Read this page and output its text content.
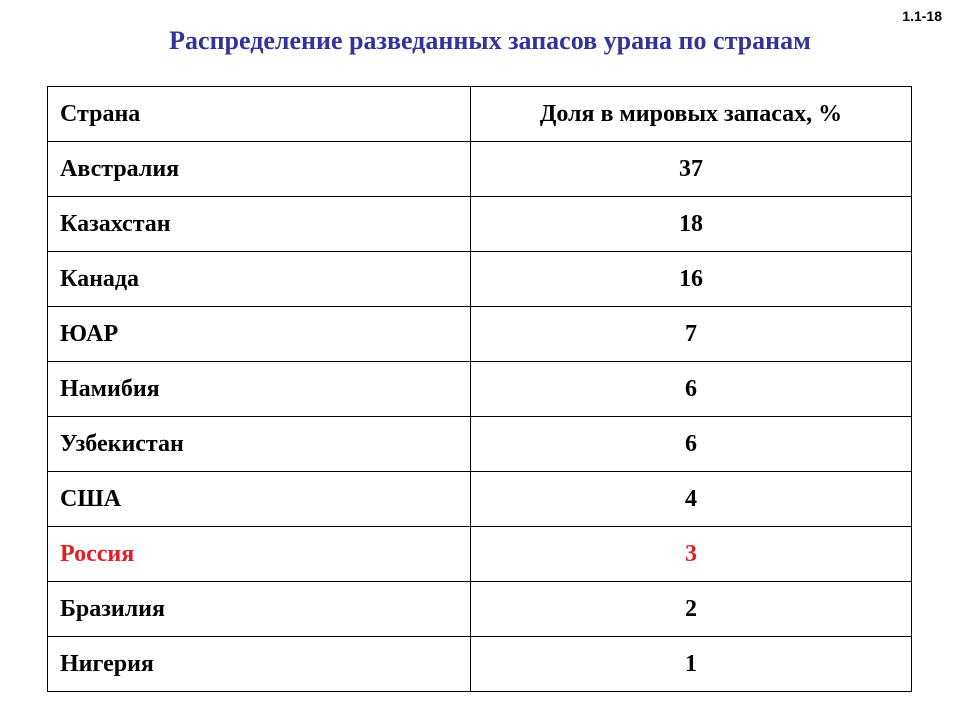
1.1-18
Распределение разведанных запасов урана по странам
Страна	Доля в мировых запасах, %
Австралия	37
Казахстан	18
Канада	16
ЮАР	7
Намибия	6
Узбекистан	6
США	4
Россия	3
Бразилия	2
Нигерия	1
